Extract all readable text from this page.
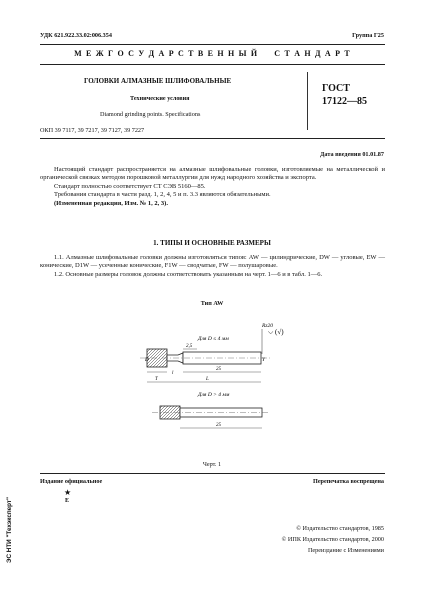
УДК 621.922.33.02:006.354	Группа Г25
М Е Ж Г О С У Д А Р С Т В Е Н Н Ы Й     С Т А Н Д А Р Т
ГОЛОВКИ АЛМАЗНЫЕ ШЛИФОВАЛЬНЫЕ
Технические условия
Diamond grinding points. Specifications
ГОСТ
17122—85
ОКП 39 7117, 39 7217, 39 7127, 39 7227
Дата введения 01.01.87

Настоящий стандарт распространяется на алмазные шлифовальные головки, изготовляемые на металлической и органической связках методом порошковой металлургии для нужд народного хозяйства и экспорта.

Стандарт полностью соответствует СТ СЭВ 5160—85.

Требования стандарта в части разд. 1, 2, 4, 5 и п. 3.3 являются обязательными.

(Измененная редакция, Изм. № 1, 2, 3).

1. ТИПЫ И ОСНОВНЫЕ РАЗМЕРЫ

1.1. Алмазные шлифовальные головки должны изготовляться типов: AW — цилиндрические, DW — угловые, EW — конические, D1W — усеченные конические, F1W — сводчатые, FW — полушаровые.

1.2. Основные размеры головок должны соответствовать указанным на черт. 1—6 и в табл. 1—6.

Тип AW
Для D ≤ 4 мм
Rz20
⌵ (√)
D	Y
2,5
T
l
25
L
Для D > 4 мм
25
Черт. 1
Издание официальное	Перепечатка воспрещена
★
E
© Издательство стандартов, 1985
© ИПК Издательство стандартов, 2000
Переиздание с Изменениями
ЭС НТИ "Техэксперт"
